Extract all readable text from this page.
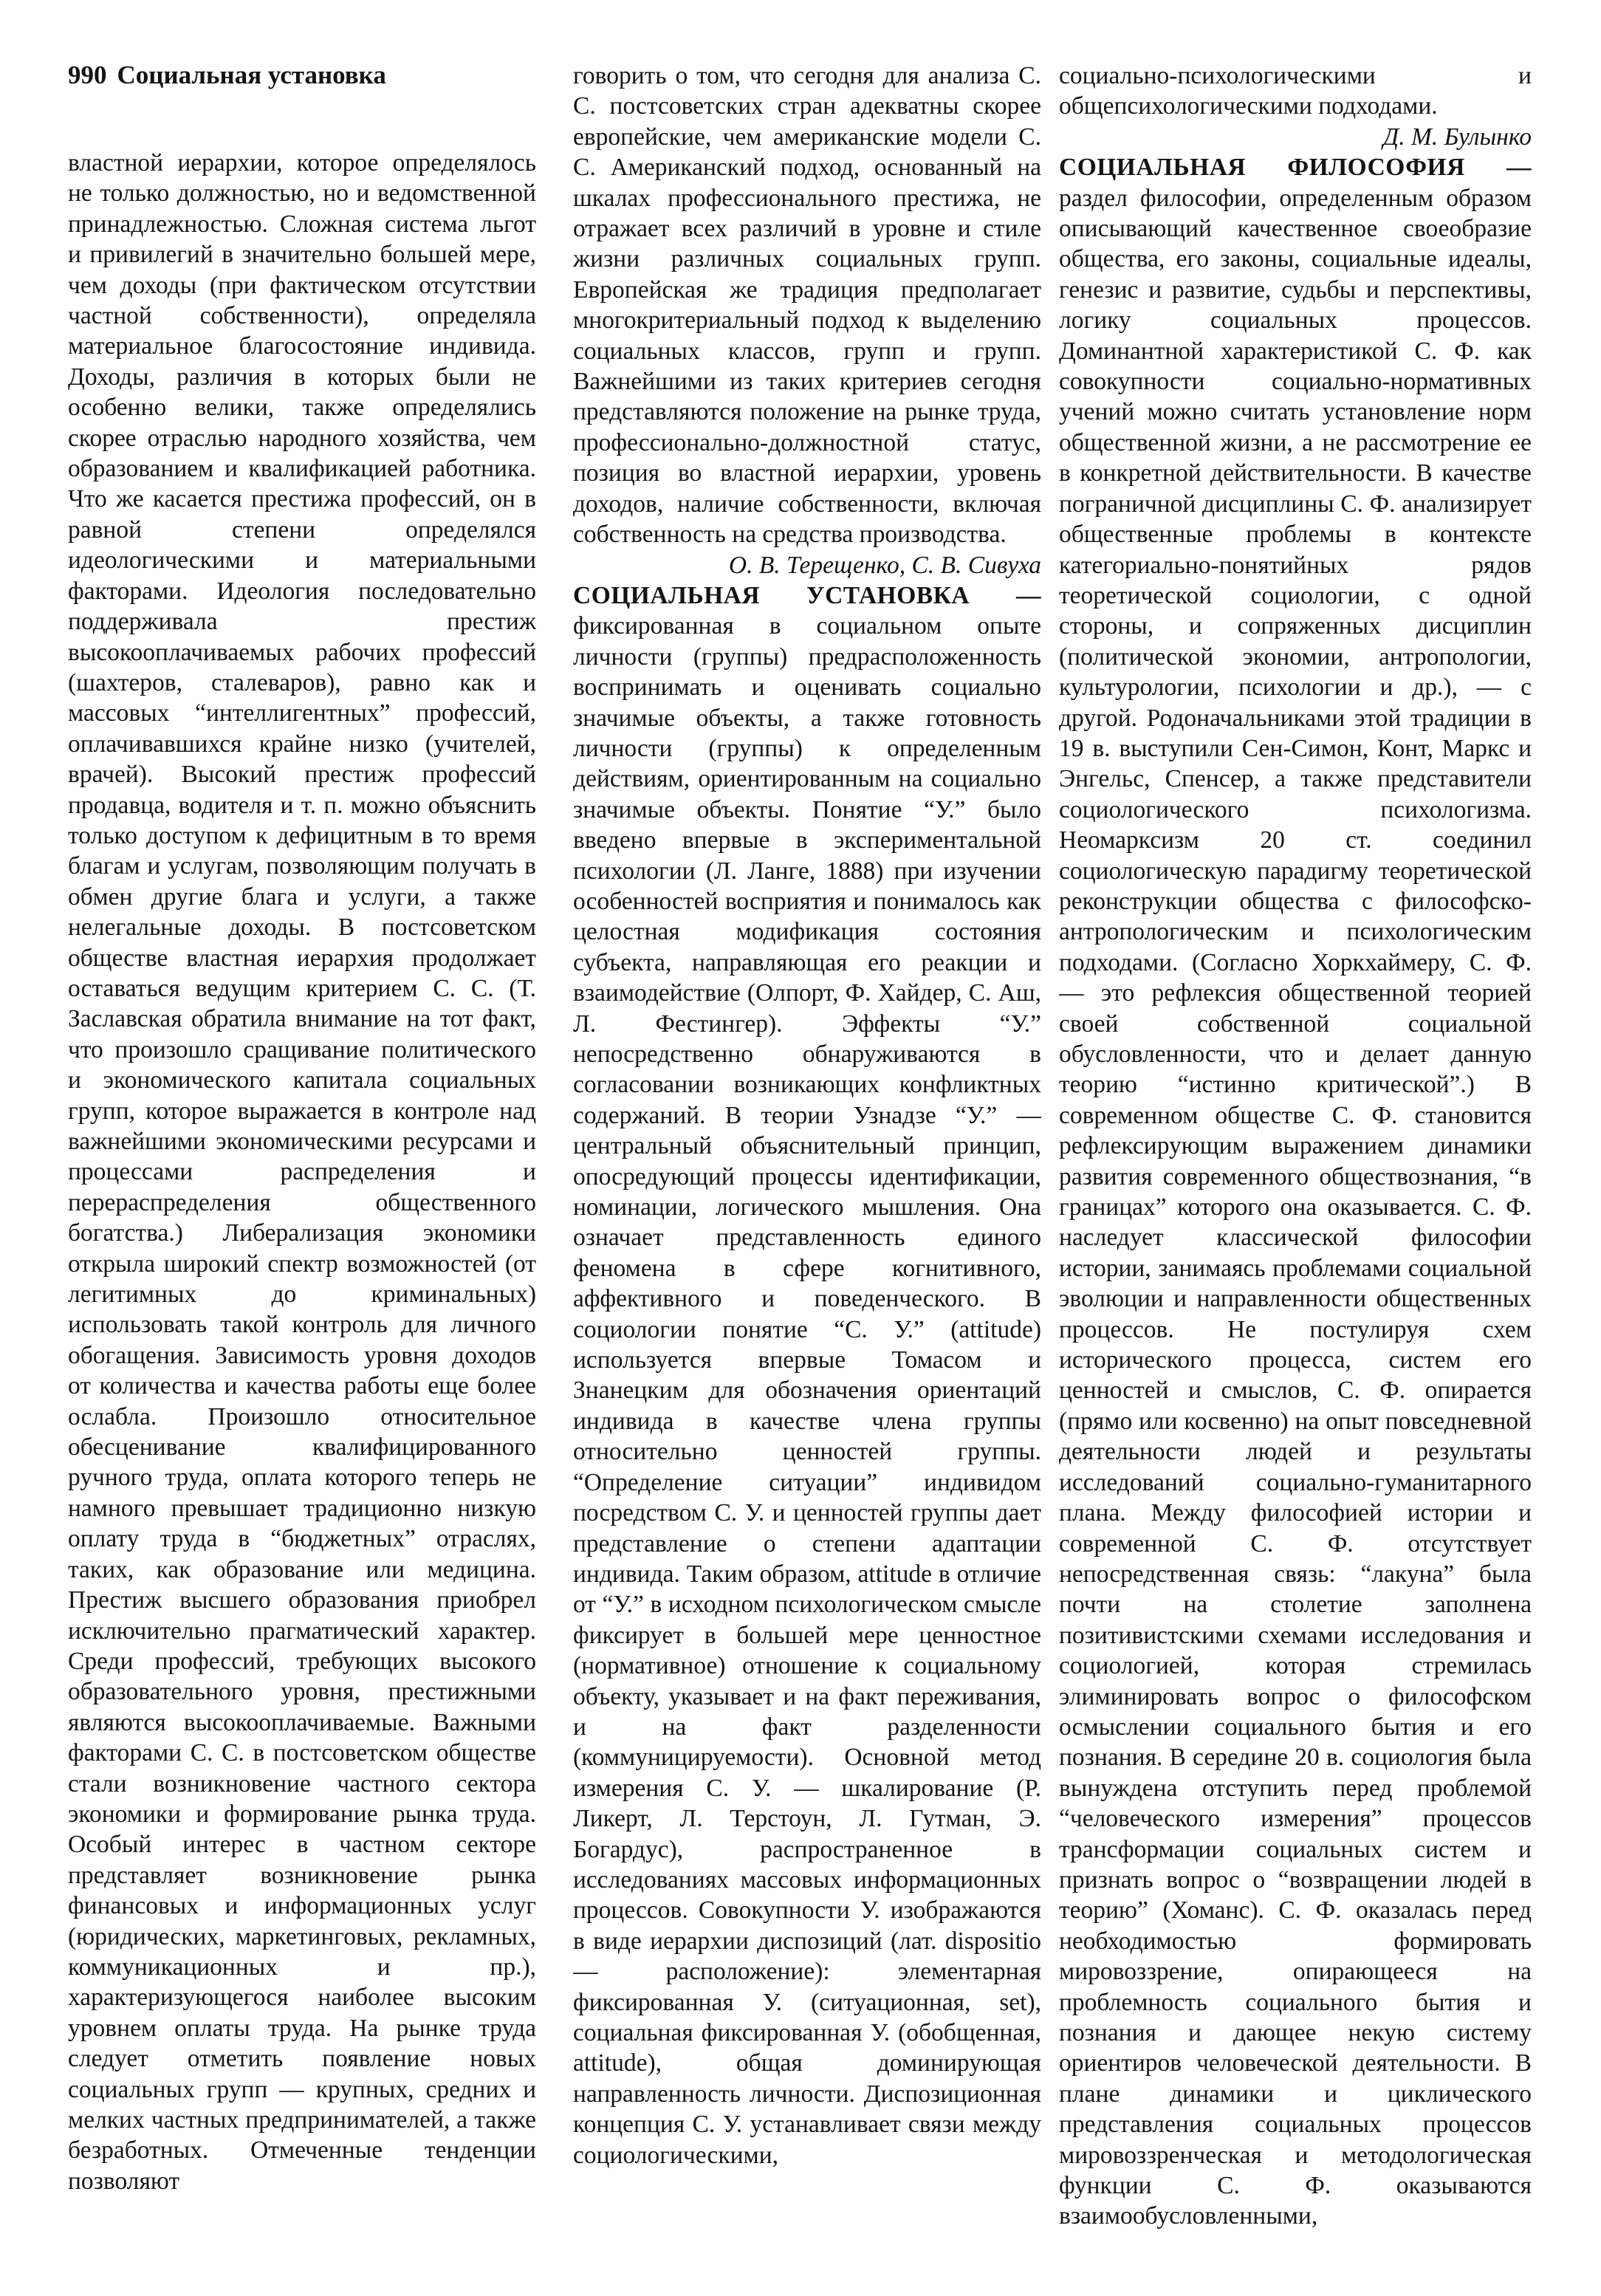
990 Социальная установка

властной иерархии, которое определялось не только должностью, но и ведомственной принадлежностью. Сложная система льгот и привилегий в значительно большей мере, чем доходы (при фактическом отсутствии частной собственности), определяла материальное благосостояние индивида. Доходы, различия в которых были не особенно велики, также определялись скорее отраслью народного хозяйства, чем образованием и квалификацией работника. Что же касается престижа профессий, он в равной степени определялся идеологическими и материальными факторами. Идеология последовательно поддерживала престиж высокооплачиваемых рабочих профессий (шахтеров, сталеваров), равно как и массовых “интеллигентных” профессий, оплачивавшихся крайне низко (учителей, врачей). Высокий престиж профессий продавца, водителя и т. п. можно объяснить только доступом к дефицитным в то время благам и услугам, позволяющим получать в обмен другие блага и услуги, а также нелегальные доходы. В постсоветском обществе властная иерархия продолжает оставаться ведущим критерием С. С. (Т. Заславская обратила внимание на тот факт, что произошло сращивание политического и экономического капитала социальных групп, которое выражается в контроле над важнейшими экономическими ресурсами и процессами распределения и перераспределения общественного богатства.) Либерализация экономики открыла широкий спектр возможностей (от легитимных до криминальных) использовать такой контроль для личного обогащения. Зависимость уровня доходов от количества и качества работы еще более ослабла. Произошло относительное обесценивание квалифицированного ручного труда, оплата которого теперь не намного превышает традиционно низкую оплату труда в “бюджетных” отраслях, таких, как образование или медицина. Престиж высшего образования приобрел исключительно прагматический характер. Среди профессий, требующих высокого образовательного уровня, престижными являются высокооплачиваемые. Важными факторами С. С. в постсоветском обществе стали возникновение частного сектора экономики и формирование рынка труда. Особый интерес в частном секторе представляет возникновение рынка финансовых и информационных услуг (юридических, маркетинговых, рекламных, коммуникационных и пр.), характеризующегося наиболее высоким уровнем оплаты труда. На рынке труда следует отметить появление новых социальных групп — крупных, средних и мелких частных предпринимателей, а также безработных. Отмеченные тенденции позволяют

говорить о том, что сегодня для анализа С. С. постсоветских стран адекватны скорее европейские, чем американские модели С. С. Американский подход, основанный на шкалах профессионального престижа, не отражает всех различий в уровне и стиле жизни различных социальных групп. Европейская же традиция предполагает многокритериальный подход к выделению социальных классов, групп и групп. Важнейшими из таких критериев сегодня представляются положение на рынке труда, профессионально-должностной статус, позиция во властной иерархии, уровень доходов, наличие собственности, включая собственность на средства производства.

О. В. Терещенко, С. В. Сивуха

СОЦИАЛЬНАЯ УСТАНОВКА — фиксированная в социальном опыте личности (группы) предрасположенность воспринимать и оценивать социально значимые объекты, а также готовность личности (группы) к определенным действиям, ориентированным на социально значимые объекты. Понятие “У.” было введено впервые в экспериментальной психологии (Л. Ланге, 1888) при изучении особенностей восприятия и понималось как целостная модификация состояния субъекта, направляющая его реакции и взаимодействие (Олпорт, Ф. Хайдер, С. Аш, Л. Фестингер). Эффекты “У.” непосредственно обнаруживаются в согласовании возникающих конфликтных содержаний. В теории Узнадзе “У.” — центральный объяснительный принцип, опосредующий процессы идентификации, номинации, логического мышления. Она означает представленность единого феномена в сфере когнитивного, аффективного и поведенческого. В социологии понятие “С. У.” (attitude) используется впервые Томасом и Знанецким для обозначения ориентаций индивида в качестве члена группы относительно ценностей группы. “Определение ситуации” индивидом посредством С. У. и ценностей группы дает представление о степени адаптации индивида. Таким образом, attitude в отличие от “У.” в исходном психологическом смысле фиксирует в большей мере ценностное (нормативное) отношение к социальному объекту, указывает и на факт переживания, и на факт разделенности (коммуницируемости). Основной метод измерения С. У. — шкалирование (Р. Ликерт, Л. Терстоун, Л. Гутман, Э. Богардус), распространенное в исследованиях массовых информационных процессов. Совокупности У. изображаются в виде иерархии диспозиций (лат. dispositio — расположение): элементарная фиксированная У. (ситуационная, set), социальная фиксированная У. (обобщенная, attitude), общая доминирующая направленность личности. Диспозиционная концепция С. У. устанавливает связи между социологическими,

социально-психологическими и общепсихологическими подходами.

Д. М. Булынко

СОЦИАЛЬНАЯ ФИЛОСОФИЯ — раздел философии, определенным образом описывающий качественное своеобразие общества, его законы, социальные идеалы, генезис и развитие, судьбы и перспективы, логику социальных процессов. Доминантной характеристикой С. Ф. как совокупности социально-нормативных учений можно считать установление норм общественной жизни, а не рассмотрение ее в конкретной действительности. В качестве пограничной дисциплины С. Ф. анализирует общественные проблемы в контексте категориально-понятийных рядов теоретической социологии, с одной стороны, и сопряженных дисциплин (политической экономии, антропологии, культурологии, психологии и др.), — с другой. Родоначальниками этой традиции в 19 в. выступили Сен-Симон, Конт, Маркс и Энгельс, Спенсер, а также представители социологического психологизма. Неомарксизм 20 ст. соединил социологическую парадигму теоретической реконструкции общества с философско-антропологическим и психологическим подходами. (Согласно Хоркхаймеру, С. Ф. — это рефлексия общественной теорией своей собственной социальной обусловленности, что и делает данную теорию “истинно критической”.) В современном обществе С. Ф. становится рефлексирующим выражением динамики развития современного обществознания, “в границах” которого она оказывается. С. Ф. наследует классической философии истории, занимаясь проблемами социальной эволюции и направленности общественных процессов. Не постулируя схем исторического процесса, систем его ценностей и смыслов, С. Ф. опирается (прямо или косвенно) на опыт повседневной деятельности людей и результаты исследований социально-гуманитарного плана. Между философией истории и современной С. Ф. отсутствует непосредственная связь: “лакуна” была почти на столетие заполнена позитивистскими схемами исследования и социологией, которая стремилась элиминировать вопрос о философском осмыслении социального бытия и его познания. В середине 20 в. социология была вынуждена отступить перед проблемой “человеческого измерения” процессов трансформации социальных систем и признать вопрос о “возвращении людей в теорию” (Хоманс). С. Ф. оказалась перед необходимостью формировать мировоззрение, опирающееся на проблемность социального бытия и познания и дающее некую систему ориентиров человеческой деятельности. В плане динамики и циклического представления социальных процессов мировоззренческая и методологическая функции С. Ф. оказываются взаимообусловленными,
